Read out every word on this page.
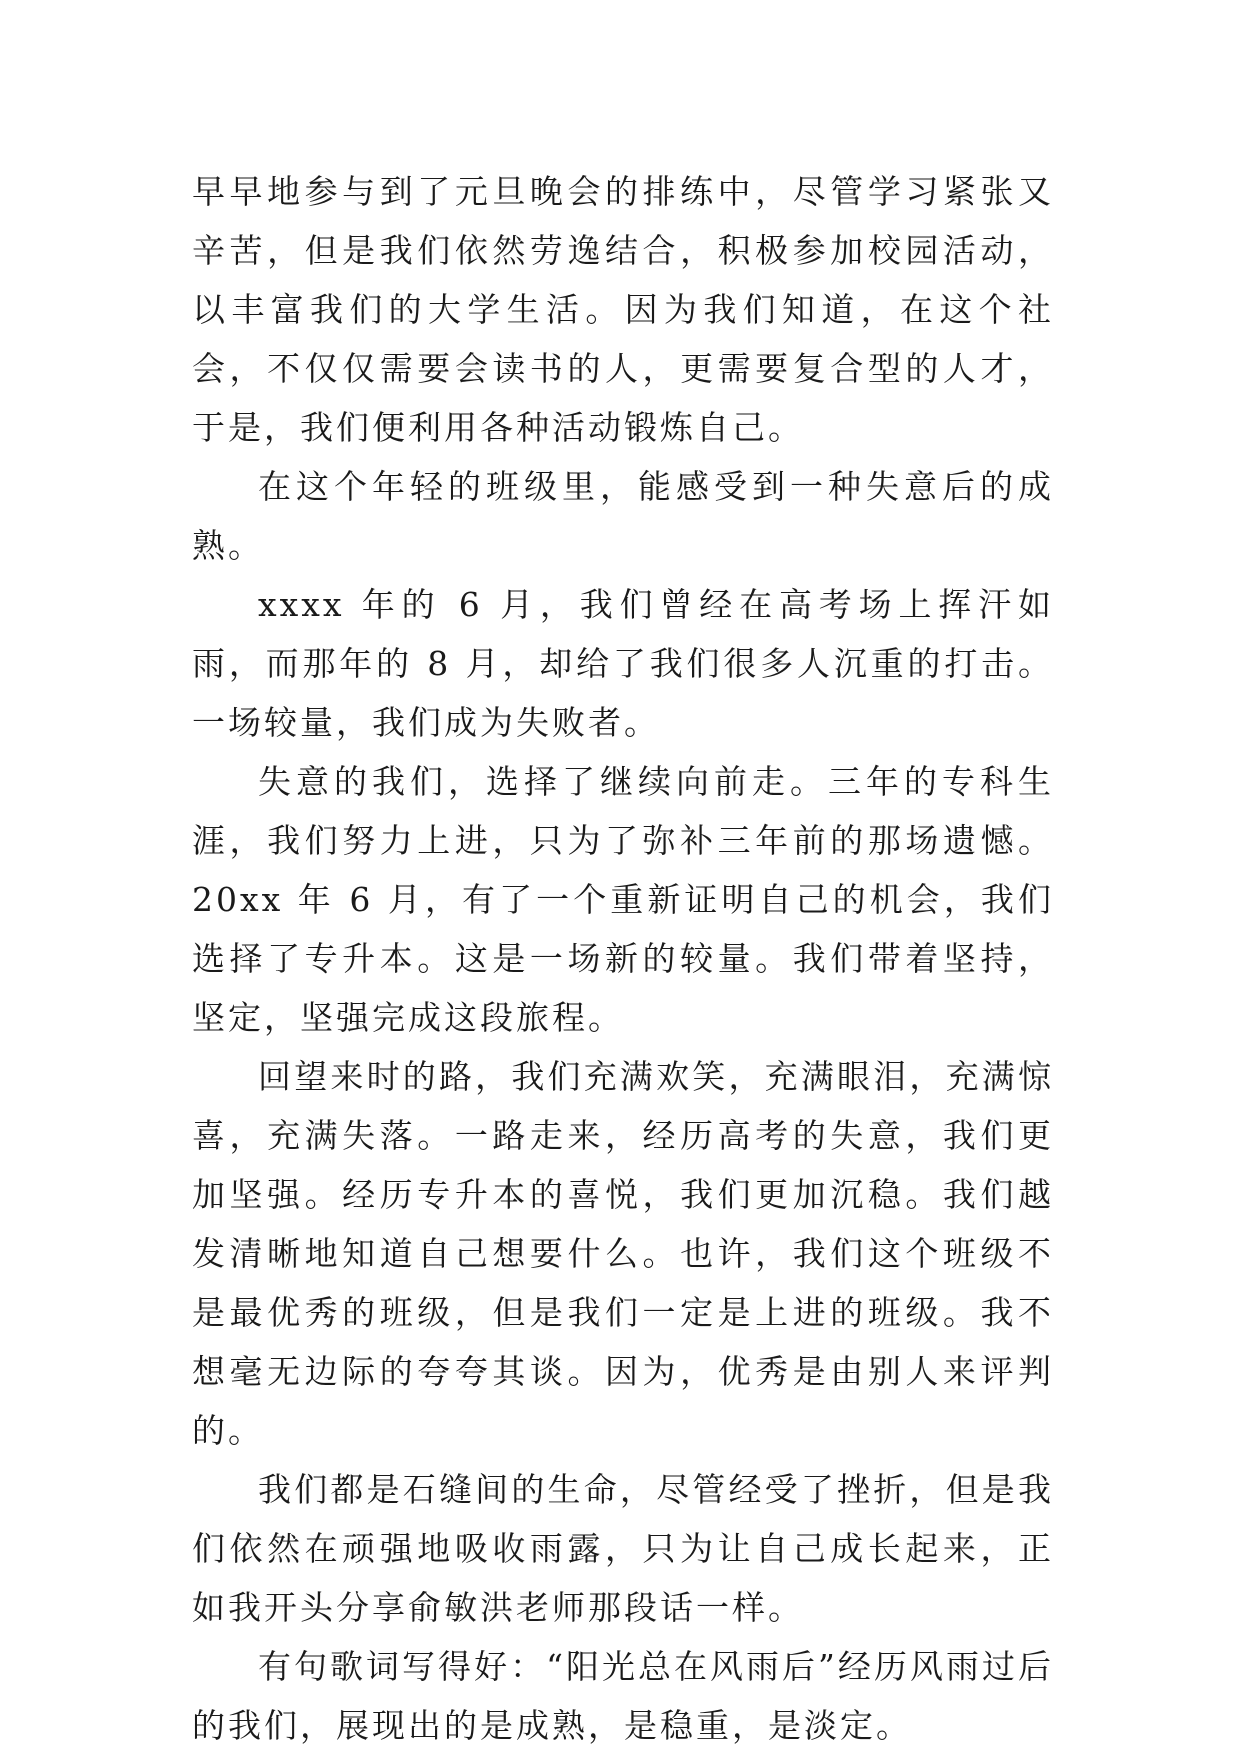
早早地参与到了元旦晚会的排练中，尽管学习紧张又辛苦，但是我们依然劳逸结合，积极参加校园活动，以丰富我们的大学生活。因为我们知道，在这个社会，不仅仅需要会读书的人，更需要复合型的人才，于是，我们便利用各种活动锻炼自己。

在这个年轻的班级里，能感受到一种失意后的成熟。

xxxx 年的 6 月，我们曾经在高考场上挥汗如雨，而那年的 8 月，却给了我们很多人沉重的打击。一场较量，我们成为失败者。

失意的我们，选择了继续向前走。三年的专科生涯，我们努力上进，只为了弥补三年前的那场遗憾。20xx 年 6 月，有了一个重新证明自己的机会，我们选择了专升本。这是一场新的较量。我们带着坚持，坚定，坚强完成这段旅程。

回望来时的路，我们充满欢笑，充满眼泪，充满惊喜，充满失落。一路走来，经历高考的失意，我们更加坚强。经历专升本的喜悦，我们更加沉稳。我们越发清晰地知道自己想要什么。也许，我们这个班级不是最优秀的班级，但是我们一定是上进的班级。我不想毫无边际的夸夸其谈。因为，优秀是由别人来评判的。

我们都是石缝间的生命，尽管经受了挫折，但是我们依然在顽强地吸收雨露，只为让自己成长起来，正如我开头分享俞敏洪老师那段话一样。

有句歌词写得好：“阳光总在风雨后”经历风雨过后的我们，展现出的是成熟，是稳重，是淡定。
